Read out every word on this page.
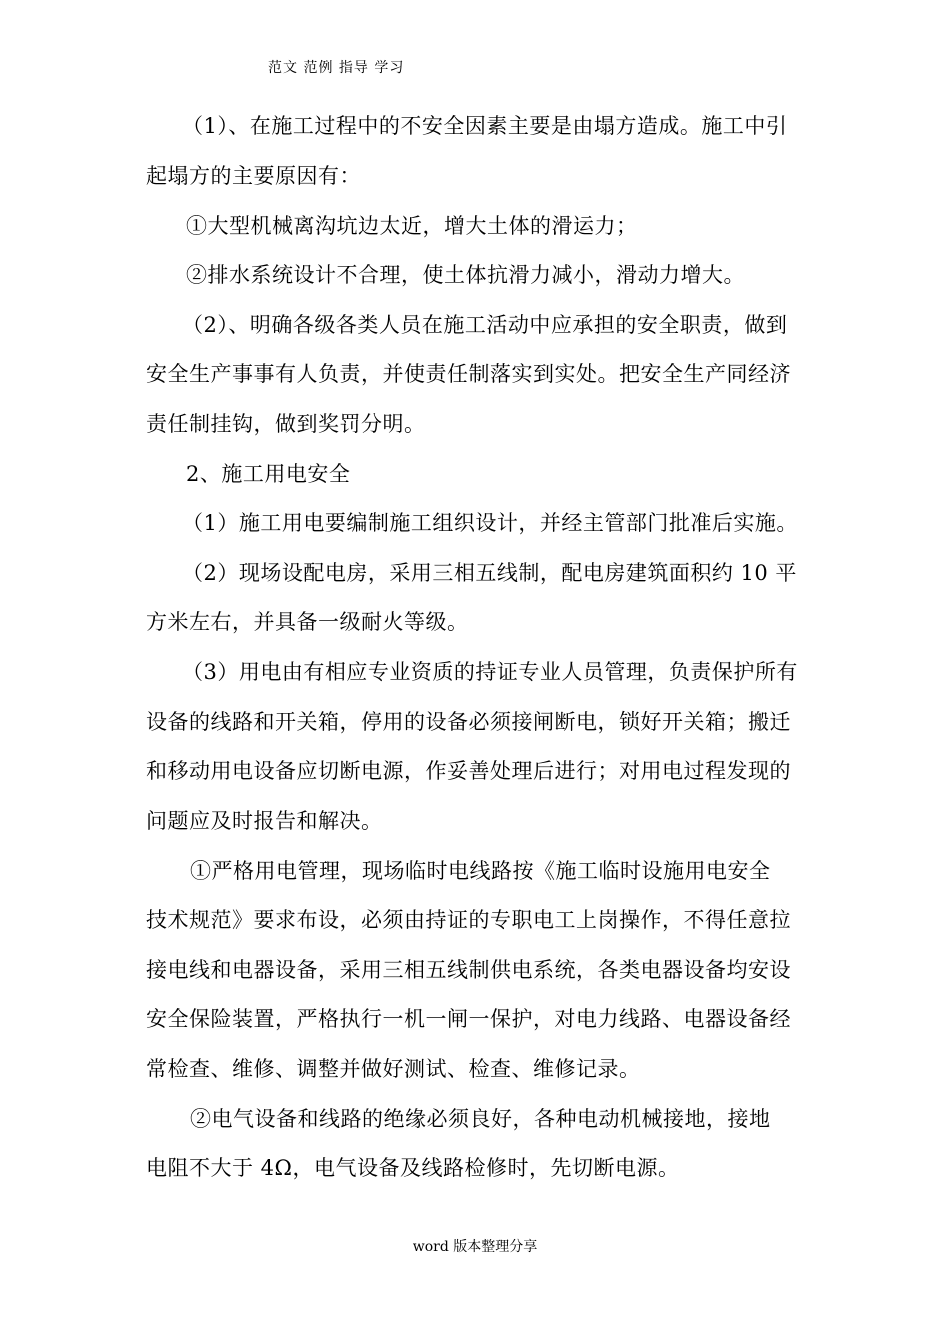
范文 范例 指导 学习
（1）、在施工过程中的不安全因素主要是由塌方造成。施工中引
起塌方的主要原因有：
①大型机械离沟坑边太近，增大土体的滑运力；
②排水系统设计不合理，使土体抗滑力减小，滑动力增大。
（2）、明确各级各类人员在施工活动中应承担的安全职责，做到
安全生产事事有人负责，并使责任制落实到实处。把安全生产同经济
责任制挂钩，做到奖罚分明。
2、施工用电安全
（1）施工用电要编制施工组织设计，并经主管部门批准后实施。
（2）现场设配电房，采用三相五线制，配电房建筑面积约 10 平
方米左右，并具备一级耐火等级。
（3）用电由有相应专业资质的持证专业人员管理，负责保护所有
设备的线路和开关箱，停用的设备必须接闸断电，锁好开关箱；搬迁
和移动用电设备应切断电源，作妥善处理后进行；对用电过程发现的
问题应及时报告和解决。
①严格用电管理，现场临时电线路按《施工临时设施用电安全
技术规范》要求布设，必须由持证的专职电工上岗操作，不得任意拉
接电线和电器设备，采用三相五线制供电系统，各类电器设备均安设
安全保险装置，严格执行一机一闸一保护，对电力线路、电器设备经
常检查、维修、调整并做好测试、检查、维修记录。
②电气设备和线路的绝缘必须良好，各种电动机械接地，接地
电阻不大于 4Ω，电气设备及线路检修时，先切断电源。
word 版本整理分享
